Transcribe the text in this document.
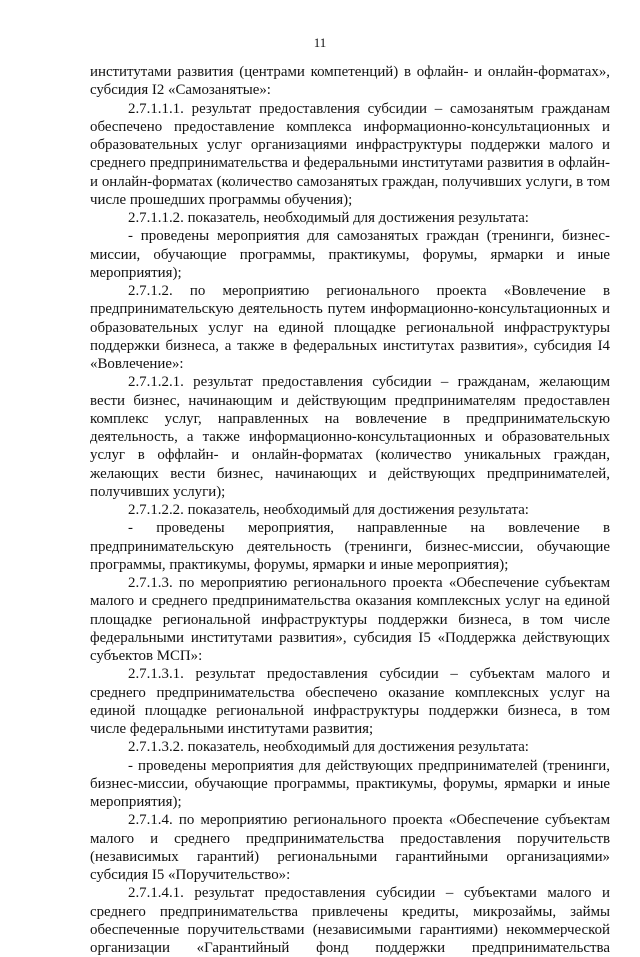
11

институтами развития (центрами компетенций) в офлайн- и онлайн-форматах», субсидия I2 «Самозанятые»:

2.7.1.1.1. результат предоставления субсидии – самозанятым гражданам обеспечено предоставление комплекса информационно-консультационных и образовательных услуг организациями инфраструктуры поддержки малого и среднего предпринимательства и федеральными институтами развития в офлайн- и онлайн-форматах (количество самозанятых граждан, получивших услуги, в том числе прошедших программы обучения);

2.7.1.1.2. показатель, необходимый для достижения результата:

- проведены мероприятия для самозанятых граждан (тренинги, бизнес-миссии, обучающие программы, практикумы, форумы, ярмарки и иные мероприятия);

2.7.1.2. по мероприятию регионального проекта «Вовлечение в предпринимательскую деятельность путем информационно-консультационных и образовательных услуг на единой площадке региональной инфраструктуры поддержки бизнеса, а также в федеральных институтах развития», субсидия I4 «Вовлечение»:

2.7.1.2.1. результат предоставления субсидии – гражданам, желающим вести бизнес, начинающим и действующим предпринимателям предоставлен комплекс услуг, направленных на вовлечение в предпринимательскую деятельность, а также информационно-консультационных и образовательных услуг в оффлайн- и онлайн-форматах (количество уникальных граждан, желающих вести бизнес, начинающих и действующих предпринимателей, получивших услуги);

2.7.1.2.2. показатель, необходимый для достижения результата:

- проведены мероприятия, направленные на вовлечение в предпринимательскую деятельность (тренинги, бизнес-миссии, обучающие программы, практикумы, форумы, ярмарки и иные мероприятия);

2.7.1.3. по мероприятию регионального проекта «Обеспечение субъектам малого и среднего предпринимательства оказания комплексных услуг на единой площадке региональной инфраструктуры поддержки бизнеса, в том числе федеральными институтами развития», субсидия I5 «Поддержка действующих субъектов МСП»:

2.7.1.3.1. результат предоставления субсидии – субъектам малого и среднего предпринимательства обеспечено оказание комплексных услуг на единой площадке региональной инфраструктуры поддержки бизнеса, в том числе федеральными институтами развития;

2.7.1.3.2. показатель, необходимый для достижения результата:

- проведены мероприятия для действующих предпринимателей (тренинги, бизнес-миссии, обучающие программы, практикумы, форумы, ярмарки и иные мероприятия);

2.7.1.4. по мероприятию регионального проекта «Обеспечение субъектам малого и среднего предпринимательства предоставления поручительств (независимых гарантий) региональными гарантийными организациями» субсидия I5 «Поручительство»:

2.7.1.4.1. результат предоставления субсидии – субъектами малого и среднего предпринимательства привлечены кредиты, микрозаймы, займы обеспеченные поручительствами (независимыми гарантиями) некоммерческой организации «Гарантийный фонд поддержки предпринимательства
